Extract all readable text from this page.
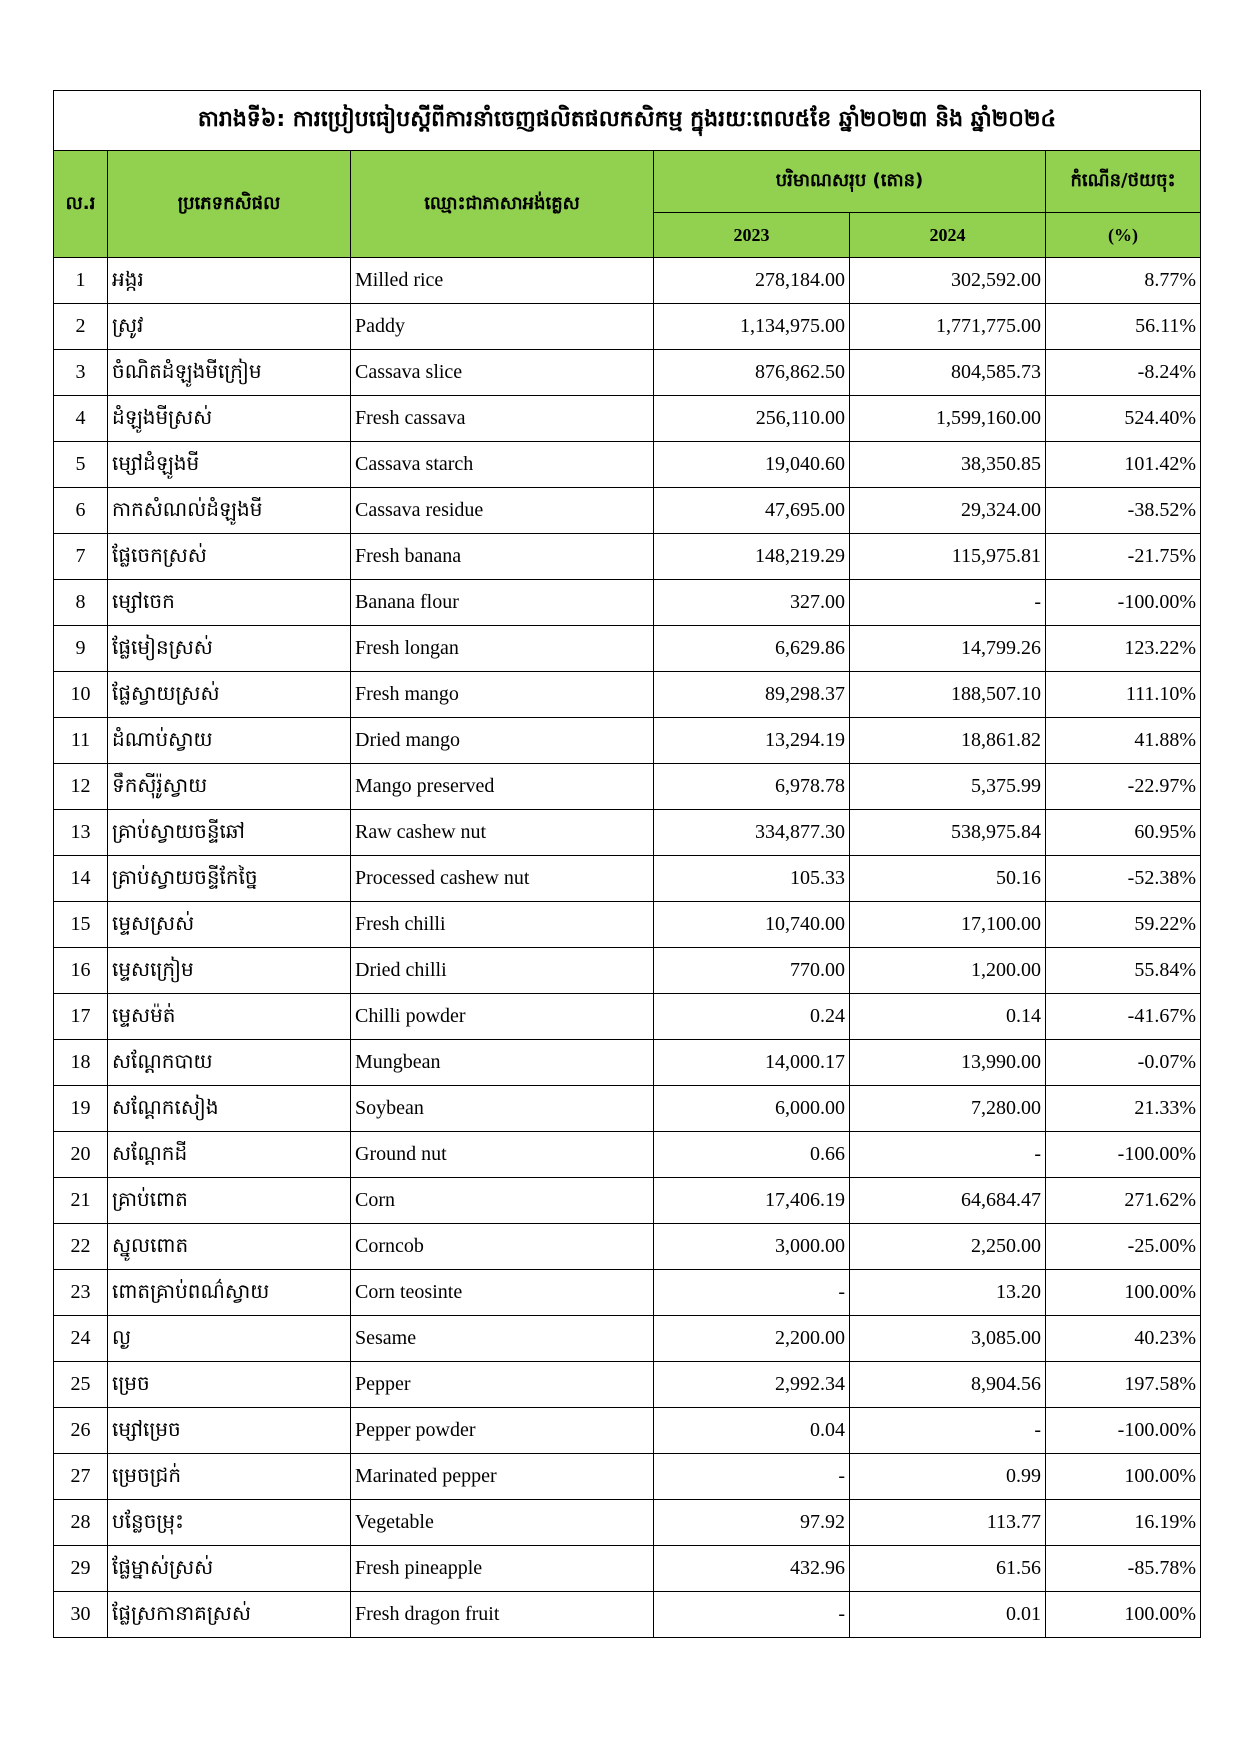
តារាងទី៦: ការប្រៀបធៀបស្តីពីការនាំចេញផលិតផលកសិកម្ម ក្នុងរយៈពេល៥ខែ ឆ្នាំ២០២៣ និង ឆ្នាំ២០២៤					
ល.រ	ប្រភេទកសិផល	ឈ្មោះជាភាសាអង់គ្លេស	បរិមាណសរុប (តោន)		កំណើន/ថយចុះ
			2023	2024	(%)
1	អង្ករ	Milled rice	278,184.00	302,592.00	8.77%
2	ស្រូវ	Paddy	1,134,975.00	1,771,775.00	56.11%
3	ចំណិតដំឡូងមីក្រៀម	Cassava slice	876,862.50	804,585.73	-8.24%
4	ដំឡូងមីស្រស់	Fresh cassava	256,110.00	1,599,160.00	524.40%
5	ម្សៅដំឡូងមី	Cassava starch	19,040.60	38,350.85	101.42%
6	កាកសំណល់ដំឡូងមី	Cassava residue	47,695.00	29,324.00	-38.52%
7	ផ្លែចេកស្រស់	Fresh banana	148,219.29	115,975.81	-21.75%
8	ម្សៅចេក	Banana flour	327.00	-	-100.00%
9	ផ្លែមៀនស្រស់	Fresh longan	6,629.86	14,799.26	123.22%
10	ផ្លែស្វាយស្រស់	Fresh mango	89,298.37	188,507.10	111.10%
11	ដំណាប់ស្វាយ	Dried mango	13,294.19	18,861.82	41.88%
12	ទឹកស៊ីរ៉ូស្វាយ	Mango preserved	6,978.78	5,375.99	-22.97%
13	គ្រាប់ស្វាយចន្ទីឆៅ	Raw cashew nut	334,877.30	538,975.84	60.95%
14	គ្រាប់ស្វាយចន្ទីកែច្នៃ	Processed cashew nut	105.33	50.16	-52.38%
15	ម្ទេសស្រស់	Fresh chilli	10,740.00	17,100.00	59.22%
16	ម្ទេសក្រៀម	Dried chilli	770.00	1,200.00	55.84%
17	ម្ទេសម៉ត់	Chilli powder	0.24	0.14	-41.67%
18	សណ្តែកបាយ	Mungbean	14,000.17	13,990.00	-0.07%
19	សណ្តែកសៀង	Soybean	6,000.00	7,280.00	21.33%
20	សណ្តែកដី	Ground nut	0.66	-	-100.00%
21	គ្រាប់ពោត	Corn	17,406.19	64,684.47	271.62%
22	ស្នូលពោត	Corncob	3,000.00	2,250.00	-25.00%
23	ពោតគ្រាប់ពណ៌ស្វាយ	Corn teosinte	-	13.20	100.00%
24	ល្ង	Sesame	2,200.00	3,085.00	40.23%
25	ម្រេច	Pepper	2,992.34	8,904.56	197.58%
26	ម្សៅម្រេច	Pepper powder	0.04	-	-100.00%
27	ម្រេចជ្រក់	Marinated pepper	-	0.99	100.00%
28	បន្លែចម្រុះ	Vegetable	97.92	113.77	16.19%
29	ផ្លែម្នាស់ស្រស់	Fresh pineapple	432.96	61.56	-85.78%
30	ផ្លែស្រកានាគស្រស់	Fresh dragon fruit	-	0.01	100.00%
